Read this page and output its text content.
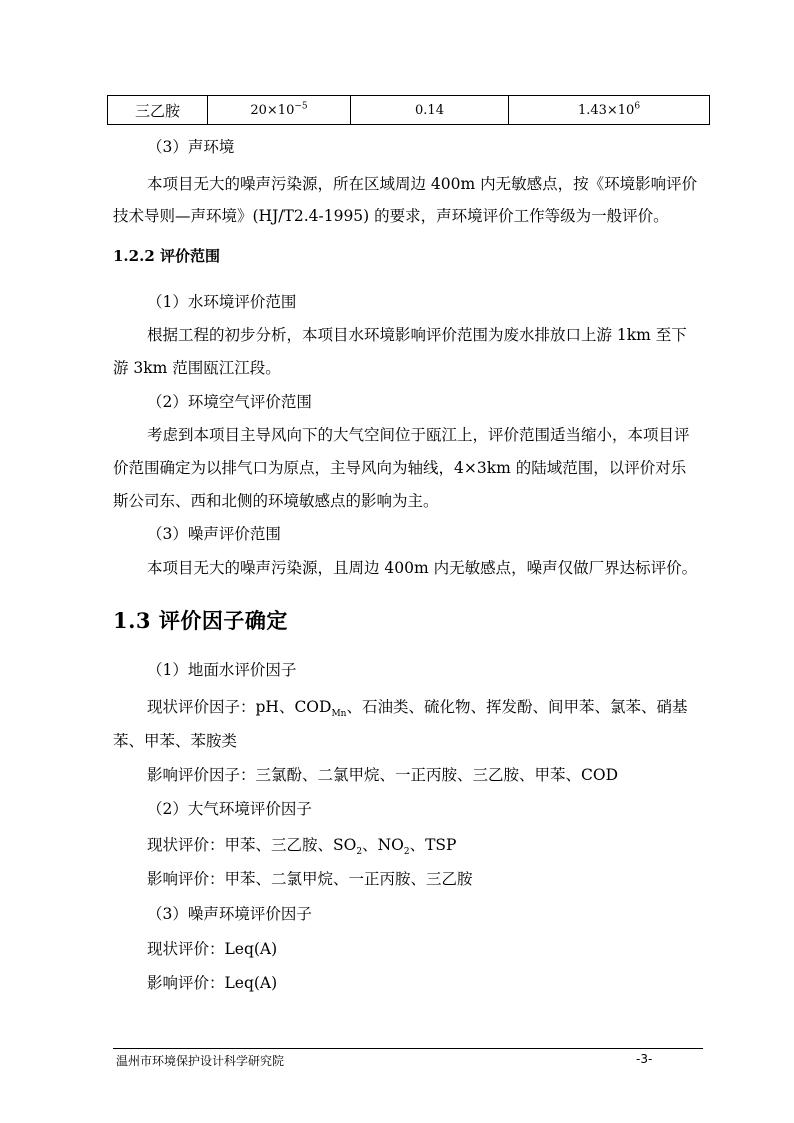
三乙胺	$20\times 10^{-5}$	0.14	$1.43\times 10^6$
（3）声环境
本项目无大的噪声污染源，所在区域周边 400m 内无敏感点，按《环境影响评价
技术导则—声环境》(HJ/T2.4-1995) 的要求，声环境评价工作等级为一般评价。
1.2.2 评价范围
（1）水环境评价范围
根据工程的初步分析，本项目水环境影响评价范围为废水排放口上游 1km 至下
游 3km 范围瓯江江段。
（2）环境空气评价范围
考虑到本项目主导风向下的大气空间位于瓯江上，评价范围适当缩小，本项目评
价范围确定为以排气口为原点，主导风向为轴线，4×3km 的陆域范围，以评价对乐
斯公司东、西和北侧的环境敏感点的影响为主。
（3）噪声评价范围
本项目无大的噪声污染源，且周边 400m 内无敏感点，噪声仅做厂界达标评价。
1.3 评价因子确定
（1）地面水评价因子
现状评价因子：pH、$COD_{Mn}$、石油类、硫化物、挥发酚、间甲苯、氯苯、硝基
苯、甲苯、苯胺类
影响评价因子：三氯酚、二氯甲烷、一正丙胺、三乙胺、甲苯、COD
（2）大气环境评价因子
现状评价：甲苯、三乙胺、$SO_2$、$NO_2$、TSP
影响评价：甲苯、二氯甲烷、一正丙胺、三乙胺
（3）噪声环境评价因子
现状评价：Leq(A)
影响评价：Leq(A)
温州市环境保护设计科学研究院	-3-
